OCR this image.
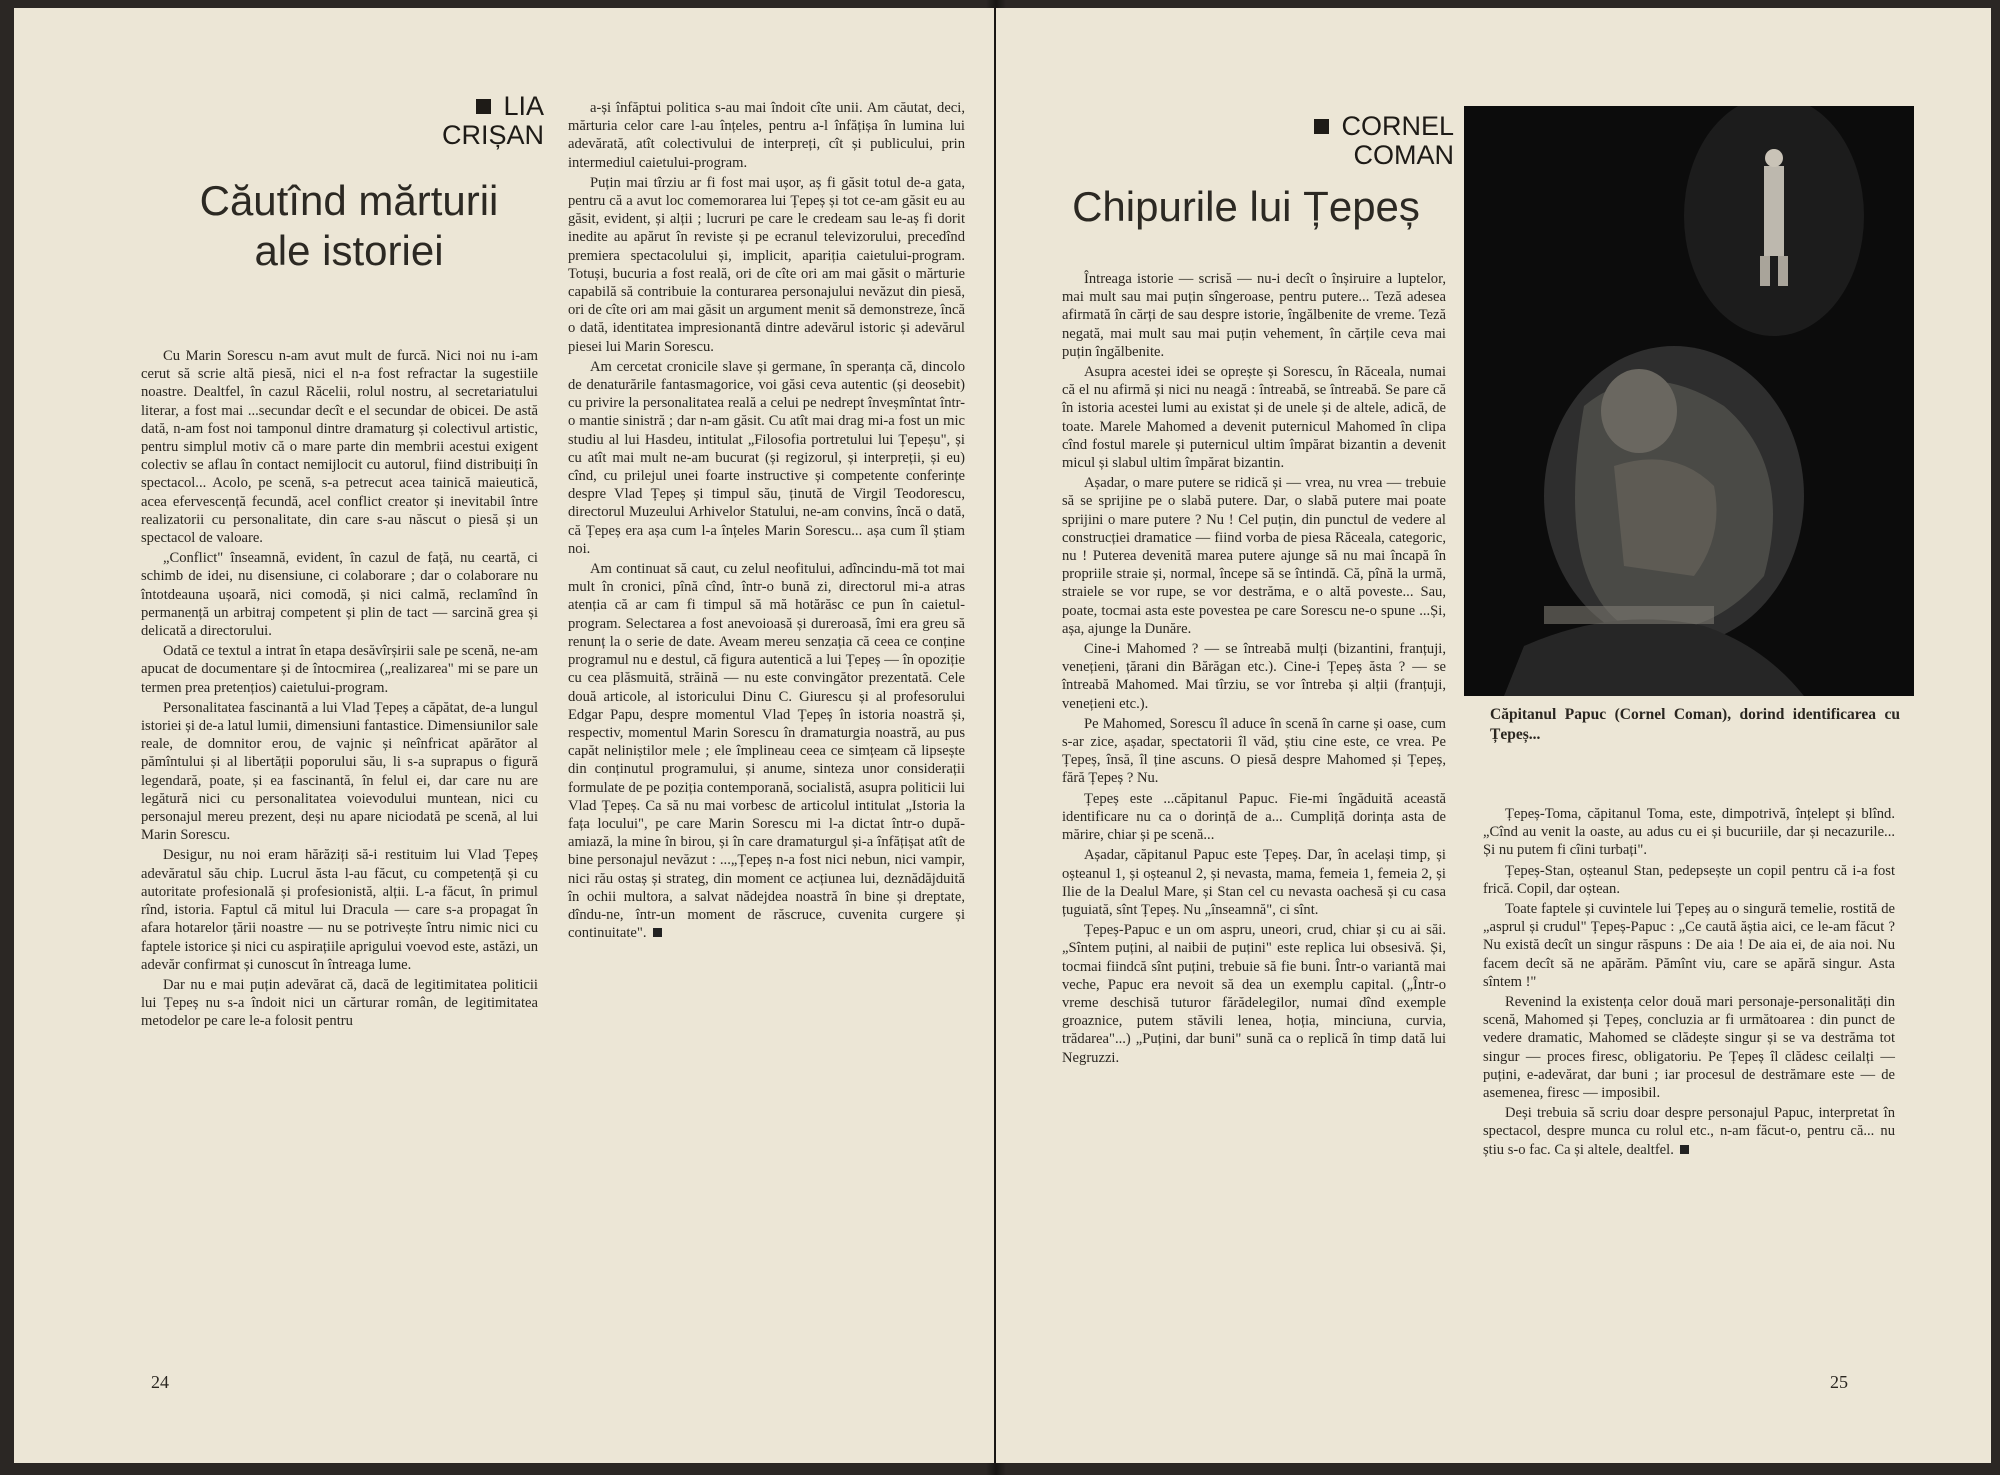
LIA
CRIȘAN
Căutînd mărturii
ale istoriei

Cu Marin Sorescu n-am avut mult de furcă. Nici noi nu i-am cerut să scrie altă piesă, nici el n-a fost refractar la sugestiile noastre. Dealtfel, în cazul Răcelii, rolul nostru, al secretariatului literar, a fost mai ...secundar decît e el secundar de obicei. De astă dată, n-am fost noi tamponul dintre dramaturg și colectivul artistic, pentru simplul motiv că o mare parte din membrii acestui exigent colectiv se aflau în contact nemijlocit cu autorul, fiind distribuiți în spectacol... Acolo, pe scenă, s-a petrecut acea tainică maieutică, acea efervescență fecundă, acel conflict creator și inevitabil între realizatorii cu personalitate, din care s-au născut o piesă și un spectacol de valoare.

„Conflict" înseamnă, evident, în cazul de față, nu ceartă, ci schimb de idei, nu disensiune, ci colaborare ; dar o colaborare nu întotdeauna ușoară, nici comodă, și nici calmă, reclamînd în permanență un arbitraj competent și plin de tact — sarcină grea și delicată a directorului.

Odată ce textul a intrat în etapa desăvîrșirii sale pe scenă, ne-am apucat de documentare și de întocmirea („realizarea" mi se pare un termen prea pretențios) caietului-program.

Personalitatea fascinantă a lui Vlad Țepeș a căpătat, de-a lungul istoriei și de-a latul lumii, dimensiuni fantastice. Dimensiunilor sale reale, de domnitor erou, de vajnic și neînfricat apărător al pămîntului și al libertății poporului său, li s-a suprapus o figură legendară, poate, și ea fascinantă, în felul ei, dar care nu are legătură nici cu personalitatea voievodului muntean, nici cu personajul mereu prezent, deși nu apare niciodată pe scenă, al lui Marin Sorescu.

Desigur, nu noi eram hărăziți să-i restituim lui Vlad Țepeș adevăratul său chip. Lucrul ăsta l-au făcut, cu competență și cu autoritate profesională și profesionistă, alții. L-a făcut, în primul rînd, istoria. Faptul că mitul lui Dracula — care s-a propagat în afara hotarelor țării noastre — nu se potrivește întru nimic nici cu faptele istorice și nici cu aspirațiile aprigului voevod este, astăzi, un adevăr confirmat și cunoscut în întreaga lume.

Dar nu e mai puțin adevărat că, dacă de legitimitatea politicii lui Țepeș nu s-a îndoit nici un cărturar român, de legitimitatea metodelor pe care le-a folosit pentru

a-și înfăptui politica s-au mai îndoit cîte unii. Am căutat, deci, mărturia celor care l-au înțeles, pentru a-l înfățișa în lumina lui adevărată, atît colectivului de interpreți, cît și publicului, prin intermediul caietului-program.

Puțin mai tîrziu ar fi fost mai ușor, aș fi găsit totul de-a gata, pentru că a avut loc comemorarea lui Țepeș și tot ce-am găsit eu au găsit, evident, și alții ; lucruri pe care le credeam sau le-aș fi dorit inedite au apărut în reviste și pe ecranul televizorului, precedînd premiera spectacolului și, implicit, apariția caietului-program. Totuși, bucuria a fost reală, ori de cîte ori am mai găsit o mărturie capabilă să contribuie la conturarea personajului nevăzut din piesă, ori de cîte ori am mai găsit un argument menit să demonstreze, încă o dată, identitatea impresionantă dintre adevărul istoric și adevărul piesei lui Marin Sorescu.

Am cercetat cronicile slave și germane, în speranța că, dincolo de denaturările fantasmagorice, voi găsi ceva autentic (și deosebit) cu privire la personalitatea reală a celui pe nedrept înveșmîntat într-o mantie sinistră ; dar n-am găsit. Cu atît mai drag mi-a fost un mic studiu al lui Hasdeu, intitulat „Filosofia portretului lui Țepeșu", și cu atît mai mult ne-am bucurat (și regizorul, și interpreții, și eu) cînd, cu prilejul unei foarte instructive și competente conferințe despre Vlad Țepeș și timpul său, ținută de Virgil Teodorescu, directorul Muzeului Arhivelor Statului, ne-am convins, încă o dată, că Țepeș era așa cum l-a înțeles Marin Sorescu... așa cum îl știam noi.

Am continuat să caut, cu zelul neofitului, adîncindu-mă tot mai mult în cronici, pînă cînd, într-o bună zi, directorul mi-a atras atenția că ar cam fi timpul să mă hotărăsc ce pun în caietul-program. Selectarea a fost anevoioasă și dureroasă, îmi era greu să renunț la o serie de date. Aveam mereu senzația că ceea ce conține programul nu e destul, că figura autentică a lui Țepeș — în opoziție cu cea plăsmuită, străină — nu este convingător prezentată. Cele două articole, al istoricului Dinu C. Giurescu și al profesorului Edgar Papu, despre momentul Vlad Țepeș în istoria noastră și, respectiv, momentul Marin Sorescu în dramaturgia noastră, au pus capăt neliniștilor mele ; ele împlineau ceea ce simțeam că lipsește din conținutul programului, și anume, sinteza unor considerații formulate de pe poziția contemporană, socialistă, asupra politicii lui Vlad Țepeș. Ca să nu mai vorbesc de articolul intitulat „Istoria la fața locului", pe care Marin Sorescu mi l-a dictat într-o după-amiază, la mine în birou, și în care dramaturgul și-a înfățișat atît de bine personajul nevăzut : ...„Țepeș n-a fost nici nebun, nici vampir, nici rău ostaș și strateg, din moment ce acțiunea lui, deznădăjduită în ochii multora, a salvat nădejdea noastră în bine și dreptate, dîndu-ne, într-un moment de răscruce, cuvenita curgere și continuitate".

24
CORNEL
COMAN
Chipurile lui Țepeș

Întreaga istorie — scrisă — nu-i decît o înșiruire a luptelor, mai mult sau mai puțin sîngeroase, pentru putere... Teză adesea afirmată în cărți de sau despre istorie, îngălbenite de vreme. Teză negată, mai mult sau mai puțin vehement, în cărțile ceva mai puțin îngălbenite.

Asupra acestei idei se oprește și Sorescu, în Răceala, numai că el nu afirmă și nici nu neagă : întreabă, se întreabă. Se pare că în istoria acestei lumi au existat și de unele și de altele, adică, de toate. Marele Mahomed a devenit puternicul Mahomed în clipa cînd fostul marele și puternicul ultim împărat bizantin a devenit micul și slabul ultim împărat bizantin.

Așadar, o mare putere se ridică și — vrea, nu vrea — trebuie să se sprijine pe o slabă putere. Dar, o slabă putere mai poate sprijini o mare putere ? Nu ! Cel puțin, din punctul de vedere al construcției dramatice — fiind vorba de piesa Răceala, categoric, nu ! Puterea devenită marea putere ajunge să nu mai încapă în propriile straie și, normal, începe să se întindă. Că, pînă la urmă, straiele se vor rupe, se vor destrăma, e o altă poveste... Sau, poate, tocmai asta este povestea pe care Sorescu ne-o spune ...Și, așa, ajunge la Dunăre.

Cine-i Mahomed ? — se întreabă mulți (bizantini, franțuji, venețieni, țărani din Bărăgan etc.). Cine-i Țepeș ăsta ? — se întreabă Mahomed. Mai tîrziu, se vor întreba și alții (franțuji, venețieni etc.).

Pe Mahomed, Sorescu îl aduce în scenă în carne și oase, cum s-ar zice, așadar, spectatorii îl văd, știu cine este, ce vrea. Pe Țepeș, însă, îl ține ascuns. O piesă despre Mahomed și Țepeș, fără Țepeș ? Nu.

Țepeș este ...căpitanul Papuc. Fie-mi îngăduită această identificare nu ca o dorință de a... Cumpliță dorința asta de mărire, chiar și pe scenă...

Așadar, căpitanul Papuc este Țepeș. Dar, în același timp, și oșteanul 1, și oșteanul 2, și nevasta, mama, femeia 1, femeia 2, și Ilie de la Dealul Mare, și Stan cel cu nevasta oachesă și cu casa țuguiată, sînt Țepeș. Nu „înseamnă", ci sînt.

Țepeș-Papuc e un om aspru, uneori, crud, chiar și cu ai săi. „Sîntem puțini, al naibii de puțini" este replica lui obsesivă. Și, tocmai fiindcă sînt puțini, trebuie să fie buni. Într-o variantă mai veche, Papuc era nevoit să dea un exemplu capital. („Într-o vreme deschisă tuturor fărădelegilor, numai dînd exemple groaznice, putem stăvili lenea, hoția, minciuna, curvia, trădarea"...) „Puțini, dar buni" sună ca o replică în timp dată lui Negruzzi.

Căpitanul Papuc (Cornel Coman), dorind identificarea cu Țepeș...

Țepeș-Toma, căpitanul Toma, este, dimpotrivă, înțelept și blînd. „Cînd au venit la oaste, au adus cu ei și bucuriile, dar și necazurile... Și nu putem fi cîini turbați".

Țepeș-Stan, oșteanul Stan, pedepsește un copil pentru că i-a fost frică. Copil, dar oștean.

Toate faptele și cuvintele lui Țepeș au o singură temelie, rostită de „asprul și crudul" Țepeș-Papuc : „Ce caută ăștia aici, ce le-am făcut ? Nu există decît un singur răspuns : De aia ! De aia ei, de aia noi. Nu facem decît să ne apărăm. Pămînt viu, care se apără singur. Asta sîntem !"

Revenind la existența celor două mari personaje-personalități din scenă, Mahomed și Țepeș, concluzia ar fi următoarea : din punct de vedere dramatic, Mahomed se clădește singur și se va destrăma tot singur — proces firesc, obligatoriu. Pe Țepeș îl clădesc ceilalți — puțini, e-adevărat, dar buni ; iar procesul de destrămare este — de asemenea, firesc — imposibil.

Deși trebuia să scriu doar despre personajul Papuc, interpretat în spectacol, despre munca cu rolul etc., n-am făcut-o, pentru că... nu știu s-o fac. Ca și altele, dealtfel.

25
